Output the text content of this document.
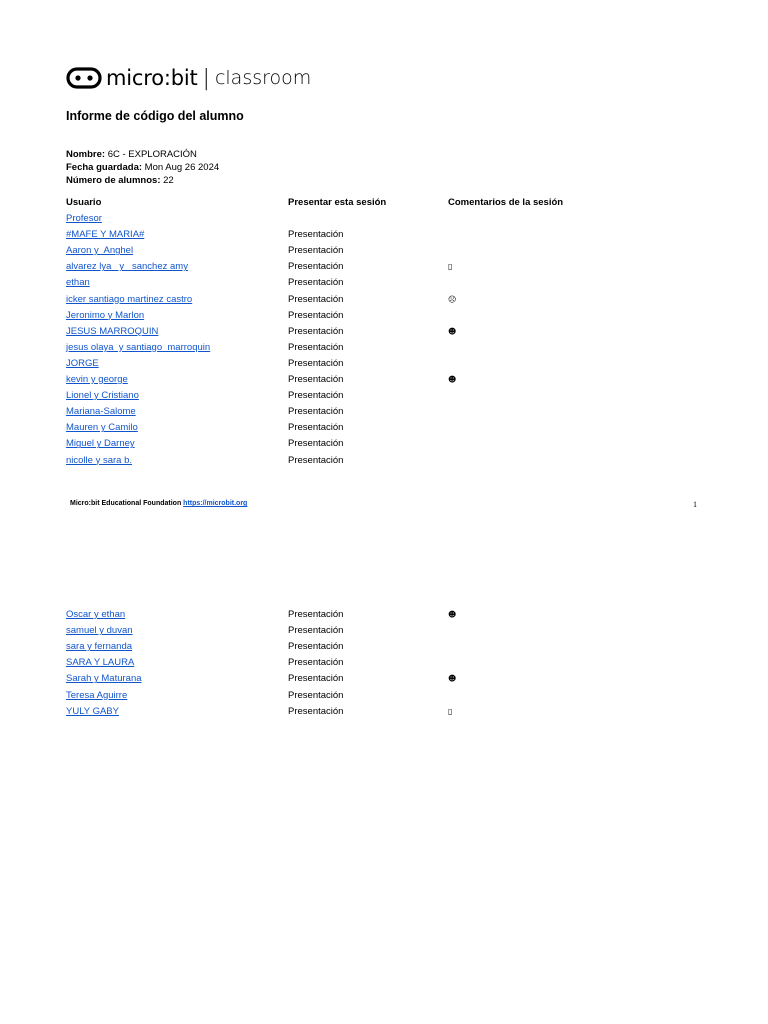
micro:bit | classroom
Informe de código del alumno
Nombre: 6C - EXPLORACIÓN
Fecha guardada: Mon Aug 26 2024
Número de alumnos: 22
Usuario	Presentar esta sesión	Comentarios de la sesión
Profesor
#MAFE Y MARIA#	Presentación
Aaron y  Anghel	Presentación
alvarez lya   y   sanchez amy	Presentación	▯
ethan	Presentación
icker santiago martinez castro	Presentación	☹
Jeronimo y Marlon	Presentación
JESUS MARROQUIN	Presentación	☻
jesus olaya  y santiago  marroquin	Presentación
JORGE	Presentación
kevin y george	Presentación	☻
Lionel y Cristiano	Presentación
Mariana-Salome	Presentación
Mauren y Camilo	Presentación
Miguel y Darney	Presentación
nicolle y sara b.	Presentación
Micro:bit Educational Foundation https://microbit.org	1
Oscar y ethan	Presentación	☻
samuel y duvan	Presentación
sara y fernanda	Presentación
SARA Y LAURA	Presentación
Sarah y Maturana	Presentación	☻
Teresa Aguirre	Presentación
YULY GABY	Presentación	▯
